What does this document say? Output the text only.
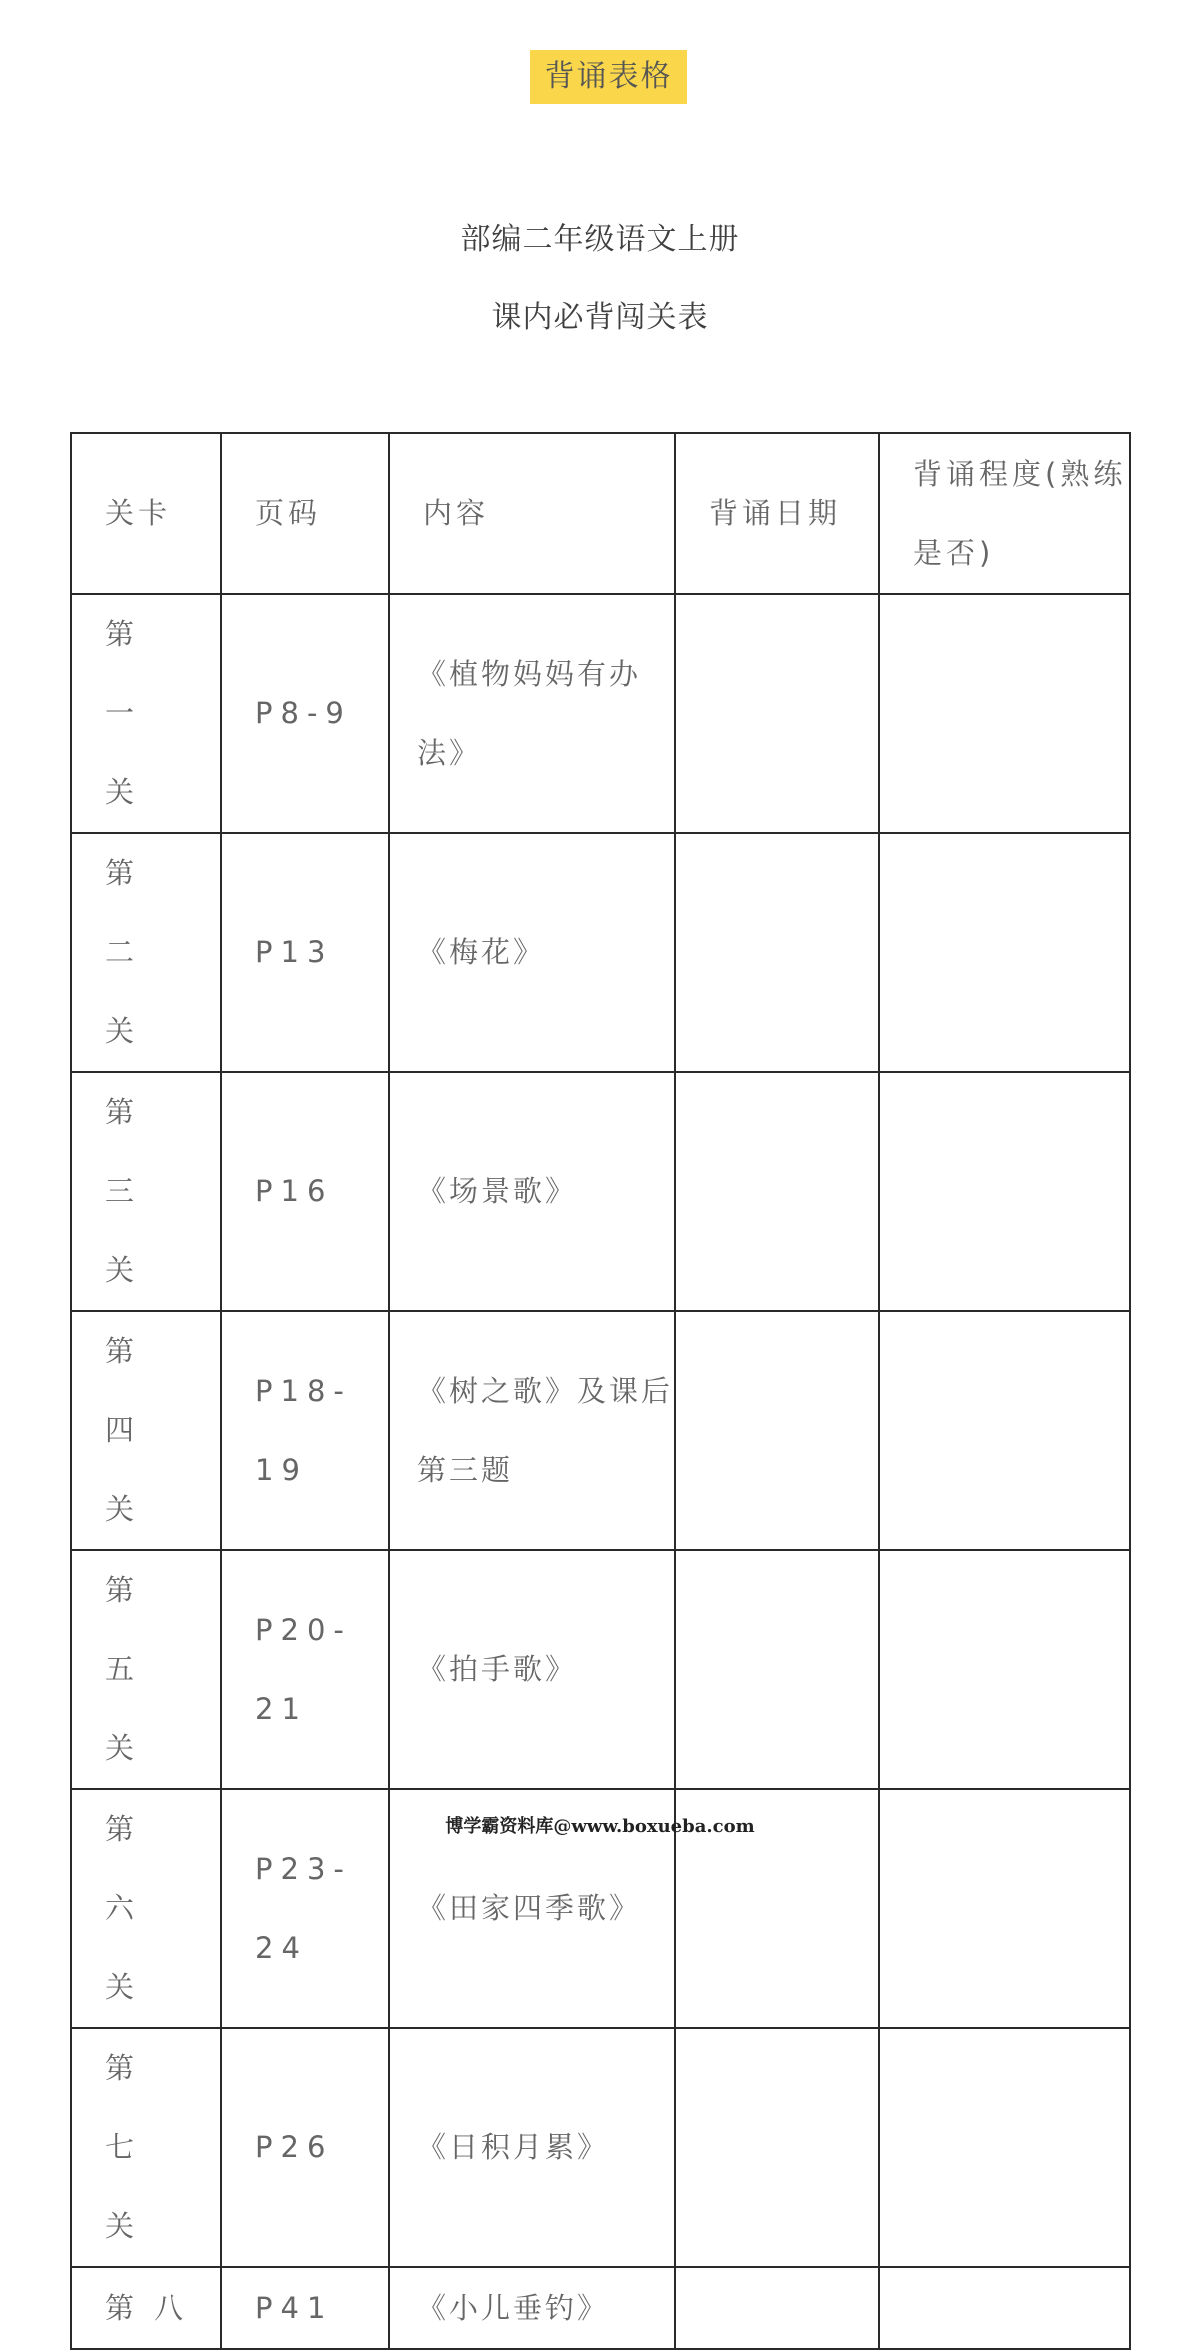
背诵表格
部编二年级语文上册
课内必背闯关表
关卡	页码	内容	背诵日期	背诵程度(熟练是否)

第一关	P8-9	《植物妈妈有办法》		

第二关	P13	《梅花》		

第三关	P16	《场景歌》		

第四关	P18-19	《树之歌》及课后第三题		

第五关	P20-21	《拍手歌》		

第六关	P23-24	《田家四季歌》		

第七关	P26	《日积月累》		

第八	P41	《小儿垂钓》		

博学霸资料库@www.boxueba.com
